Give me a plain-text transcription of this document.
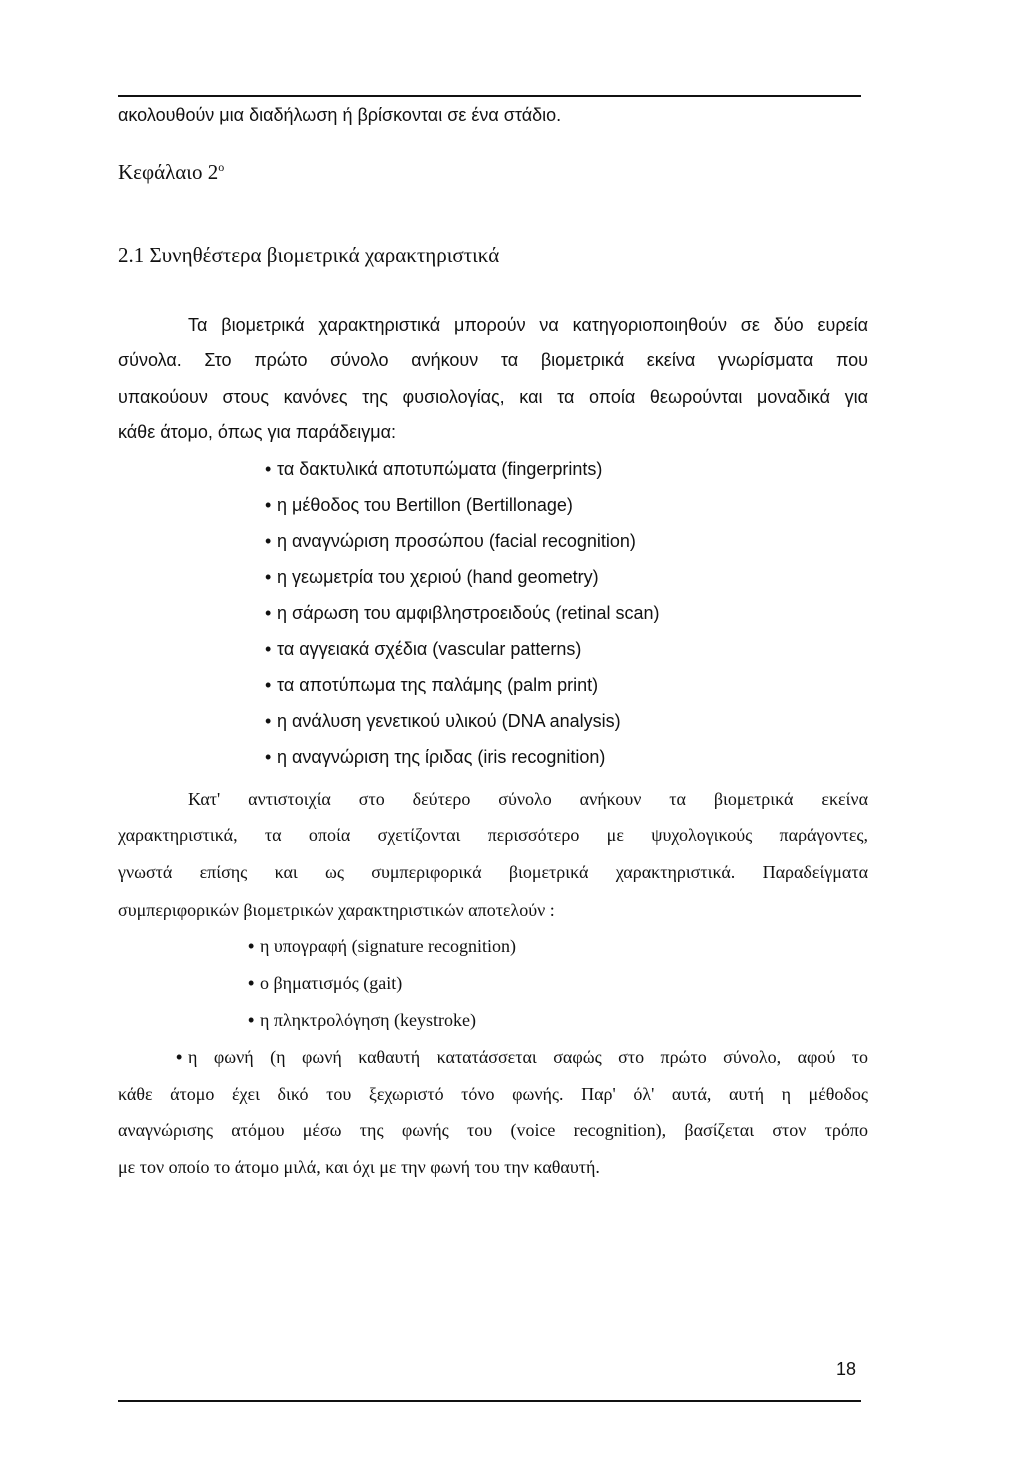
ακολουθούν μια διαδήλωση ή βρίσκονται σε ένα στάδιο.
Κεφάλαιο $2^o$
2.1 Συνηθέστερα βιομετρικά χαρακτηριστικά
Τα βιομετρικά χαρακτηριστικά μπορούν να κατηγοριοποιηθούν σε δύο ευρεία
σύνολα. Στο πρώτο σύνολο ανήκουν τα βιομετρικά εκείνα γνωρίσματα που
υπακούουν στους κανόνες της φυσιολογίας, και τα οποία θεωρούνται μοναδικά για
κάθε άτομο, όπως για παράδειγμα:
• τα δακτυλικά αποτυπώματα (fingerprints)
• η μέθοδος του Bertillon (Bertillonage)
• η αναγνώριση προσώπου (facial recognition)
• η γεωμετρία του χεριού (hand geometry)
• η σάρωση του αμφιβληστροειδούς (retinal scan)
• τα αγγειακά σχέδια (vascular patterns)
• τα αποτύπωμα της παλάμης (palm print)
• η ανάλυση γενετικού υλικού (DNA analysis)
• η αναγνώριση της ίριδας (iris recognition)
Κατ' αντιστοιχία στο δεύτερο σύνολο ανήκουν τα βιομετρικά εκείνα
χαρακτηριστικά, τα οποία σχετίζονται περισσότερο με ψυχολογικούς παράγοντες,
γνωστά επίσης και ως συμπεριφορικά βιομετρικά χαρακτηριστικά. Παραδείγματα
συμπεριφορικών βιομετρικών χαρακτηριστικών αποτελούν :
• η υπογραφή (signature recognition)
• ο βηματισμός (gait)
• η πληκτρολόγηση (keystroke)
• η φωνή (η φωνή καθαυτή κατατάσσεται σαφώς στο πρώτο σύνολο, αφού το
κάθε άτομο έχει δικό του ξεχωριστό τόνο φωνής. Παρ' όλ' αυτά, αυτή η μέθοδος
αναγνώρισης ατόμου μέσω της φωνής του (voice recognition), βασίζεται στον τρόπο
με τον οποίο το άτομο μιλά, και όχι με την φωνή του την καθαυτή.
18
